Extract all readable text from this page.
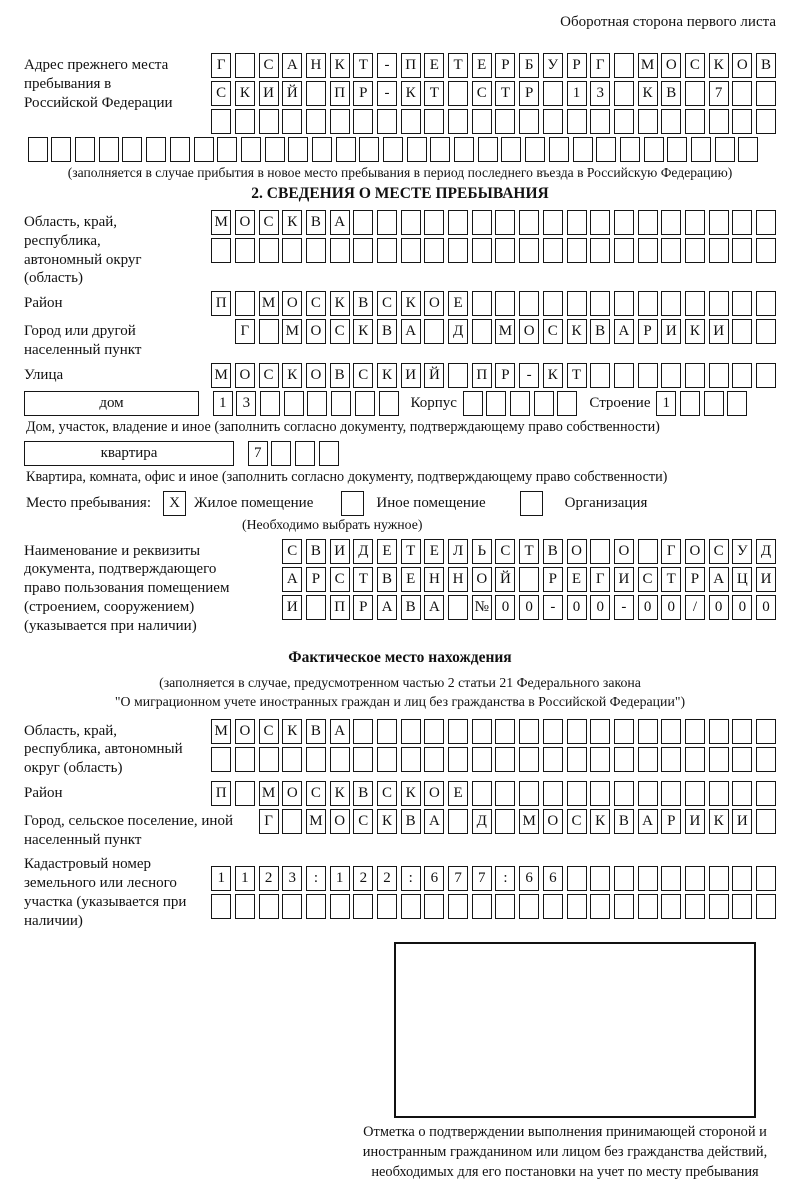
Оборотная сторона первого листа
Адрес прежнего места пребывания в Российской Федерации
Г	С А Н К Т	-	П Е Т Е Р	Б У Р	Г	М О С К О В
С К И Й	П Р	-	К Т	С Т Р	1	3	К В	7
(заполняется в случае прибытия в новое место пребывания в период последнего въезда в Российскую Федерацию)
2. СВЕДЕНИЯ О МЕСТЕ ПРЕБЫВАНИЯ
Область, край, республика, автономный округ (область)
М О С К В А
Район	П	М О С К В С К О Е
Город или другой населенный пункт
Г	М О С К В А	Д	М О С К В А Р И К И
Улица	М О С К О В С К И Й	П Р	-	К Т
дом	1	3	Корпус	Строение 1
Дом, участок, владение и иное (заполнить согласно документу, подтверждающему право собственности)
квартира	7
Квартира, комната, офис и иное (заполнить согласно документу, подтверждающему право собственности)
Место пребывания:	X Жилое помещение	Иное помещение	Организация
(Необходимо выбрать нужное)
Наименование и реквизиты документа, подтверждающего право пользования помещением (строением, сооружением) (указывается при наличии)
С В И Д Е Т Е Л Ь С Т В О	О	Г О С У Д
А Р С Т В Е Н Н О Й	Р Е Г И С Т Р А Ц И
И	П Р А В А	№ 0	0	-	0	0	-	0	0	/	0	0	0
Фактическое место нахождения
(заполняется в случае, предусмотренном частью 2 статьи 21 Федерального закона
"О миграционном учете иностранных граждан и лиц без гражданства в Российской Федерации")
Область, край, республика, автономный округ (область)
М О С К В А
Район	П	М О С К В С К О Е
Город, сельское поселение, иной населенный пункт
Г	М О С К В А	Д	М О С К В А Р И К И
Кадастровый номер земельного или лесного участка (указывается при наличии)
1	1	2	3	:	1	2	2	:	6	7	7	:	6	6
Отметка о подтверждении выполнения принимающей стороной и иностранным гражданином или лицом без гражданства действий, необходимых для его постановки на учет по месту пребывания
